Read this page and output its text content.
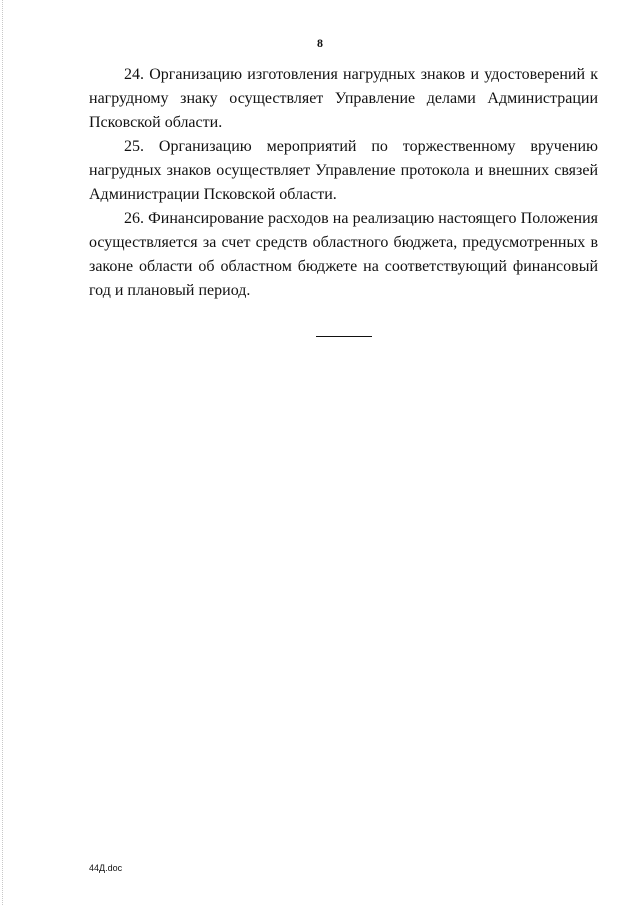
8

24. Организацию изготовления нагрудных знаков и удостоверений к нагрудному знаку осуществляет Управление делами Администрации Псковской области.

25. Организацию мероприятий по торжественному вручению нагрудных знаков осуществляет Управление протокола и внешних связей Администрации Псковской области.

26. Финансирование расходов на реализацию настоящего Положения осуществляется за счет средств областного бюджета, предусмотренных в законе области об областном бюджете на соответствующий финансовый год и плановый период.

44Д.doc
